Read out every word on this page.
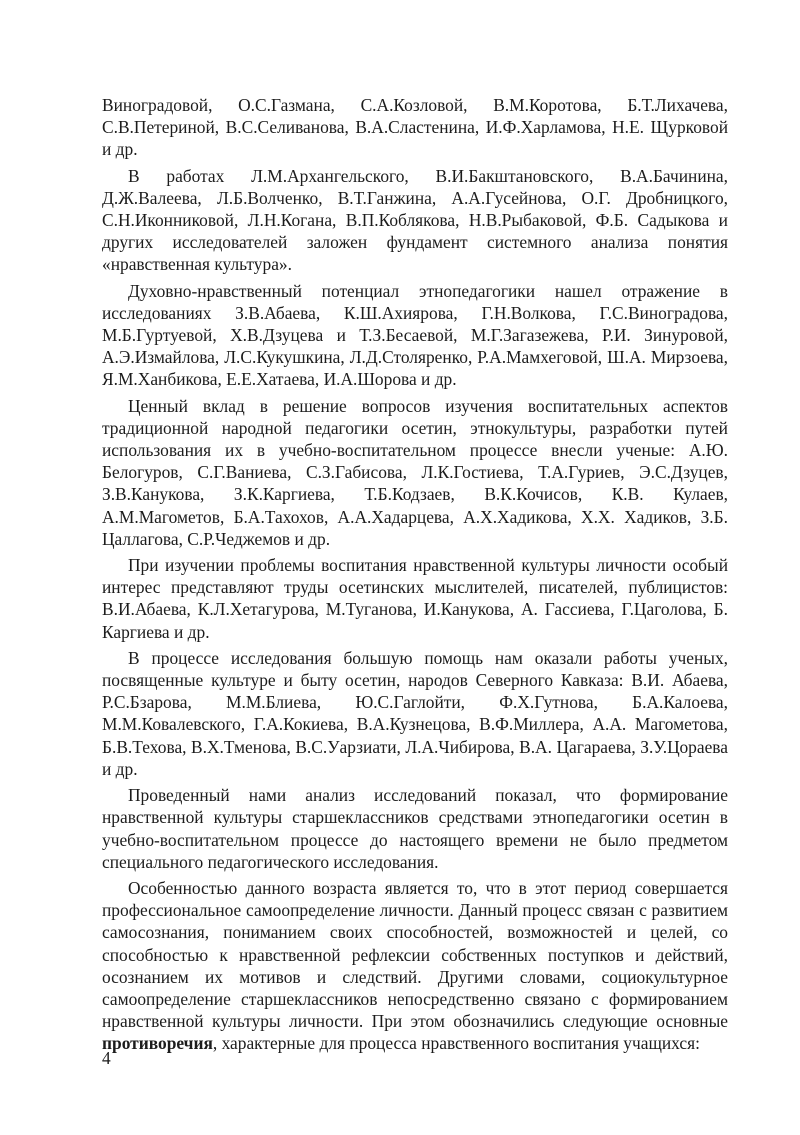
Виноградовой, О.С.Газмана, С.А.Козловой, В.М.Коротова, Б.Т.Лихачева, С.В.Петериной, В.С.Селиванова, В.А.Сластенина, И.Ф.Харламова, Н.Е. Щурковой и др.

В работах Л.М.Архангельского, В.И.Бакштановского, В.А.Бачинина, Д.Ж.Валеева, Л.Б.Волченко, В.Т.Ганжина, А.А.Гусейнова, О.Г. Дробницкого, С.Н.Иконниковой, Л.Н.Когана, В.П.Коблякова, Н.В.Рыбаковой, Ф.Б. Садыкова и других исследователей заложен фундамент системного анализа понятия «нравственная культура».

Духовно-нравственный потенциал этнопедагогики нашел отражение в исследованиях З.В.Абаева, К.Ш.Ахиярова, Г.Н.Волкова, Г.С.Виноградова, М.Б.Гуртуевой, Х.В.Дзуцева и Т.З.Бесаевой, М.Г.Загазежева, Р.И. Зинуровой, А.Э.Измайлова, Л.С.Кукушкина, Л.Д.Столяренко, Р.А.Мамхеговой, Ш.А. Мирзоева, Я.М.Ханбикова, Е.Е.Хатаева, И.А.Шорова и др.

Ценный вклад в решение вопросов изучения воспитательных аспектов традиционной народной педагогики осетин, этнокультуры, разработки путей использования их в учебно-воспитательном процессе внесли ученые: А.Ю. Белогуров, С.Г.Ваниева, С.З.Габисова, Л.К.Гостиева, Т.А.Гуриев, Э.С.Дзуцев, З.В.Канукова, З.К.Каргиева, Т.Б.Кодзаев, В.К.Кочисов, К.В. Кулаев, А.М.Магометов, Б.А.Тахохов, А.А.Хадарцева, А.Х.Хадикова, Х.Х. Хадиков, З.Б. Цаллагова, С.Р.Чеджемов и др.

При изучении проблемы воспитания нравственной культуры личности особый интерес представляют труды осетинских мыслителей, писателей, публицистов: В.И.Абаева, К.Л.Хетагурова, М.Туганова, И.Канукова, А. Гассиева, Г.Цаголова, Б. Каргиева и др.

В процессе исследования большую помощь нам оказали работы ученых, посвященные культуре и быту осетин, народов Северного Кавказа: В.И. Абаева, Р.С.Бзарова, М.М.Блиева, Ю.С.Гаглойти, Ф.Х.Гутнова, Б.А.Калоева, М.М.Ковалевского, Г.А.Кокиева, В.А.Кузнецова, В.Ф.Миллера, А.А. Магометова, Б.В.Техова, В.Х.Тменова, В.С.Уарзиати, Л.А.Чибирова, В.А. Цагараева, З.У.Цораева и др.

Проведенный нами анализ исследований показал, что формирование нравственной культуры старшеклассников средствами этнопедагогики осетин в учебно-воспитательном процессе до настоящего времени не было предметом специального педагогического исследования.

Особенностью данного возраста является то, что в этот период совершается профессиональное самоопределение личности. Данный процесс связан с развитием самосознания, пониманием своих способностей, возможностей и целей, со способностью к нравственной рефлексии собственных поступков и действий, осознанием их мотивов и следствий. Другими словами, социокультурное самоопределение старшеклассников непосредственно связано с формированием нравственной культуры личности. При этом обозначились следующие основные противоречия, характерные для процесса нравственного воспитания учащихся:

4
